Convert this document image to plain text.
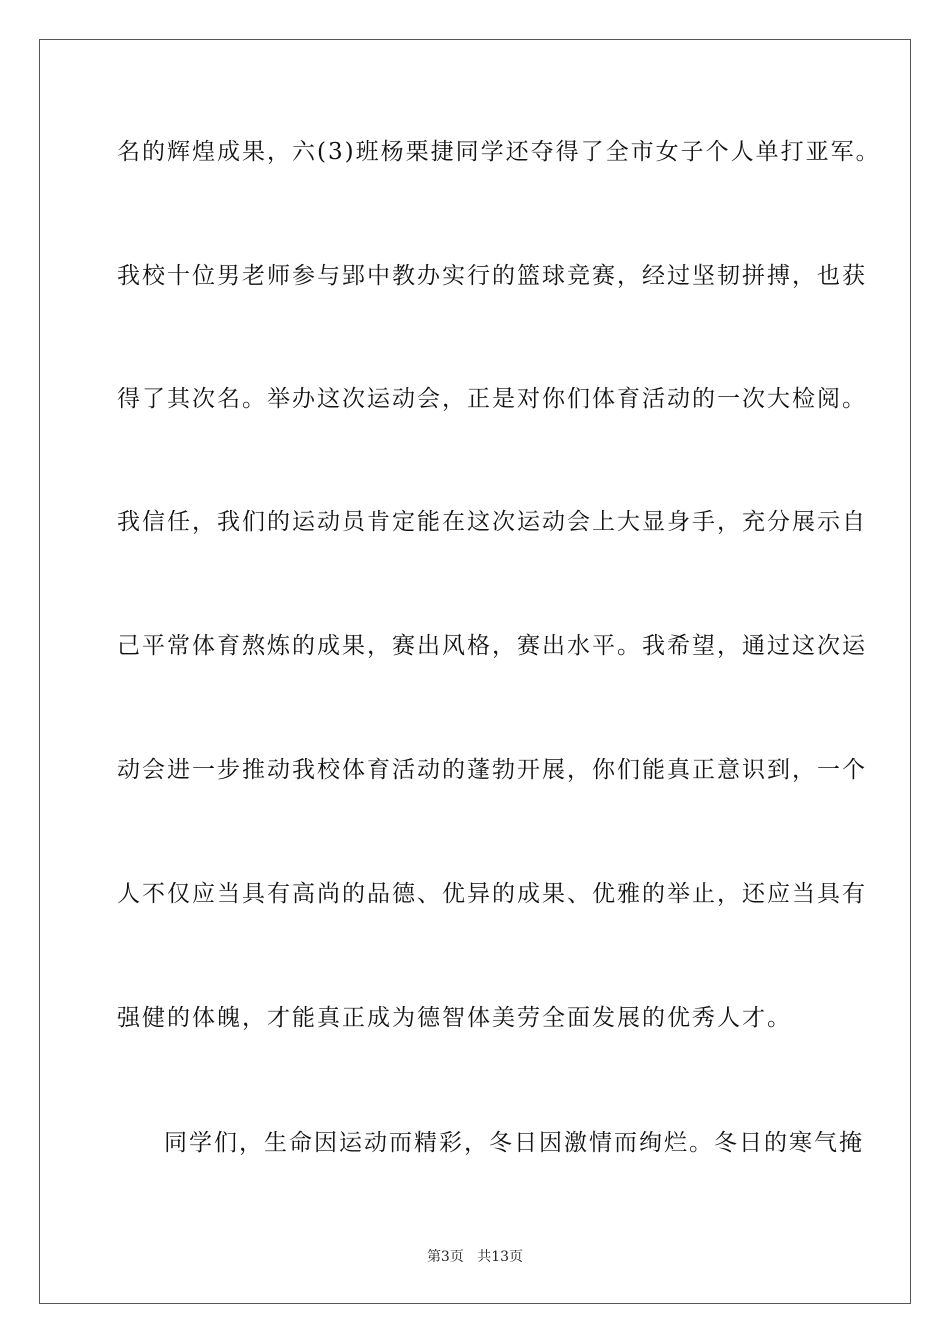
名的辉煌成果，六(3)班杨栗捷同学还夺得了全市女子个人单打亚军。
我校十位男老师参与郢中教办实行的篮球竞赛，经过坚韧拼搏，也获
得了其次名。举办这次运动会，正是对你们体育活动的一次大检阅。
我信任，我们的运动员肯定能在这次运动会上大显身手，充分展示自
己平常体育熬炼的成果，赛出风格，赛出水平。我希望，通过这次运
动会进一步推动我校体育活动的蓬勃开展，你们能真正意识到，一个
人不仅应当具有高尚的品德、优异的成果、优雅的举止，还应当具有
强健的体魄，才能真正成为德智体美劳全面发展的优秀人才。
同学们，生命因运动而精彩，冬日因激情而绚烂。冬日的寒气掩
第3页 共13页
